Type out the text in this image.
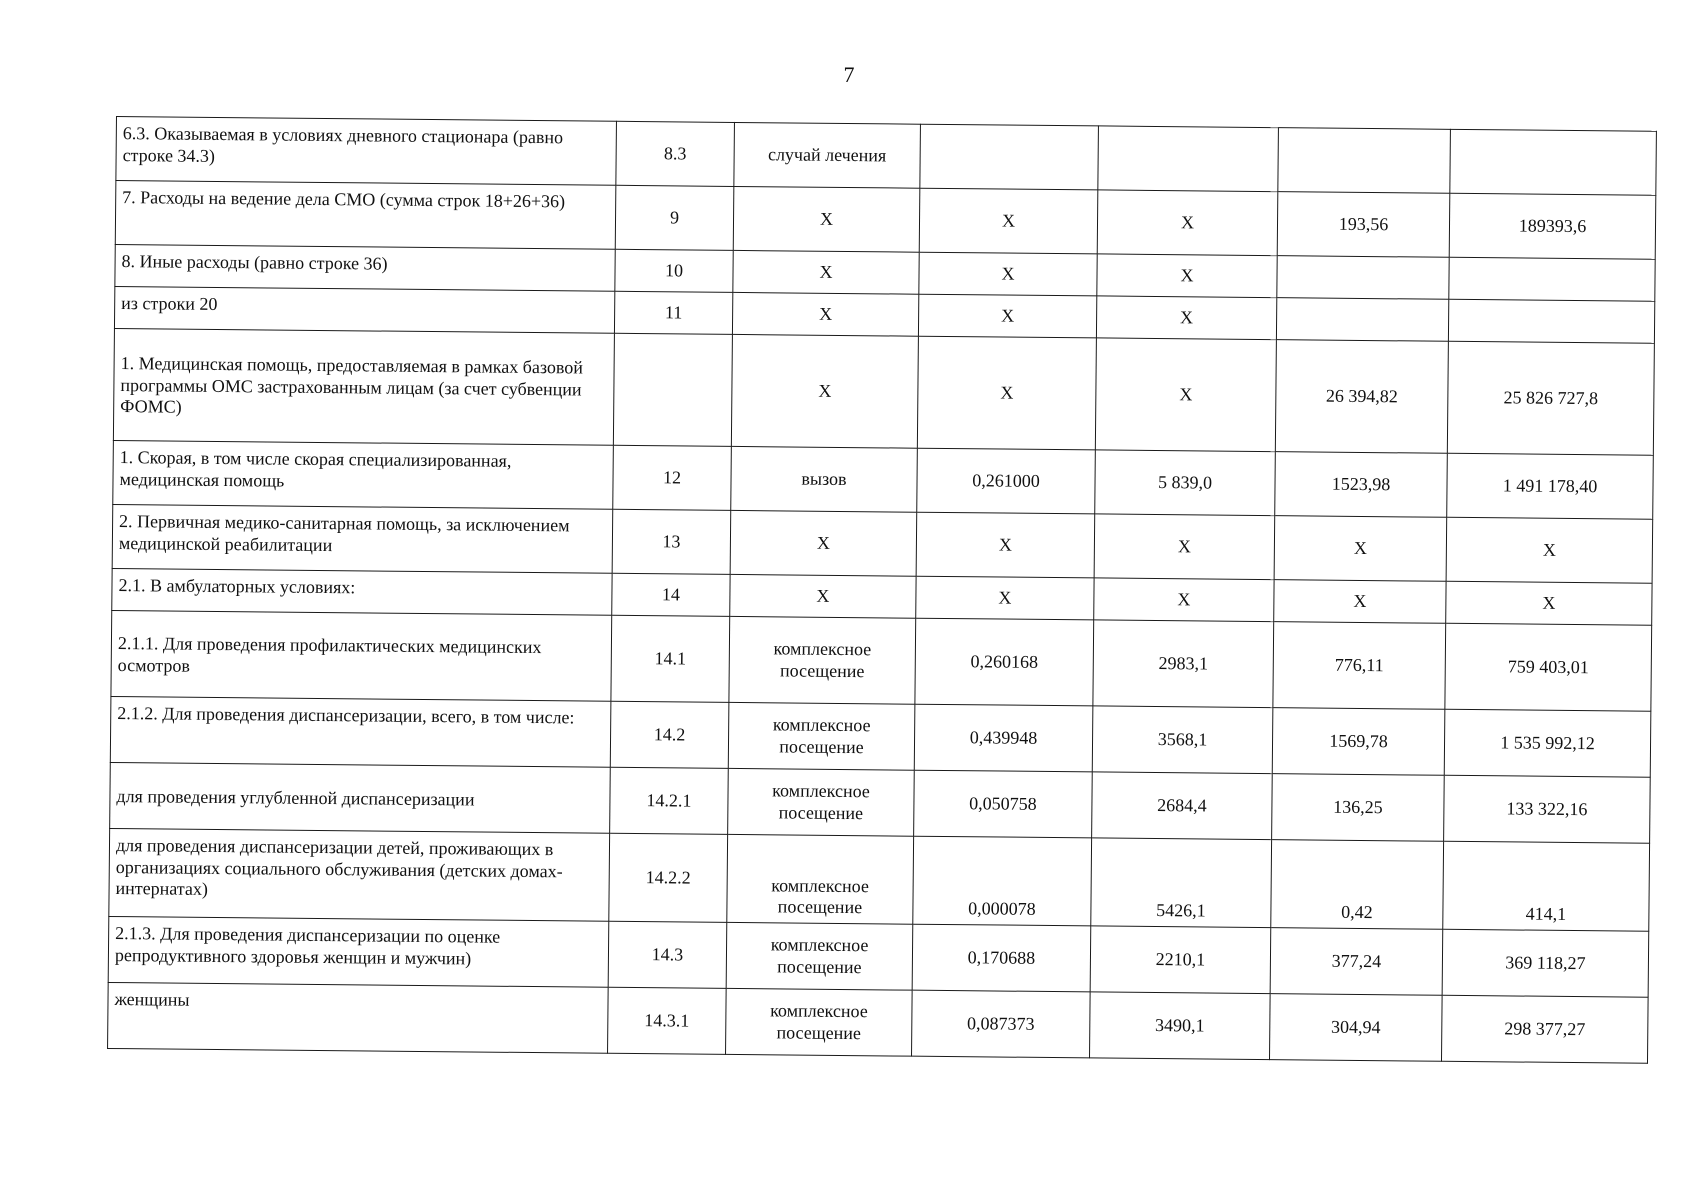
7
6.3. Оказываемая в условиях дневного стационара (равно строке 34.3)	8.3	случай лечения				
7. Расходы на ведение дела СМО (сумма строк 18+26+36)	9	Х	Х	Х	193,56	189393,6
8. Иные расходы (равно строке 36)	10	Х	Х	Х		
из строки 20	11	Х	Х	Х		
1. Медицинская помощь, предоставляемая в рамках базовой программы ОМС застрахованным лицам (за счет субвенции ФОМС)		Х	Х	Х	26 394,82	25 826 727,8
1. Скорая, в том числе скорая специализированная, медицинская помощь	12	вызов	0,261000	5 839,0	1523,98	1 491 178,40
2. Первичная медико-санитарная помощь, за исключением медицинской реабилитации	13	Х	Х	Х	Х	Х
2.1. В амбулаторных условиях:	14	Х	Х	Х	Х	Х
2.1.1. Для проведения профилактических медицинских осмотров	14.1	комплексное посещение	0,260168	2983,1	776,11	759 403,01
2.1.2. Для проведения диспансеризации, всего, в том числе:	14.2	комплексное посещение	0,439948	3568,1	1569,78	1 535 992,12
для проведения углубленной диспансеризации	14.2.1	комплексное посещение	0,050758	2684,4	136,25	133 322,16
для проведения диспансеризации детей, проживающих в организациях социального обслуживания (детских домах-интернатах)	14.2.2	комплексное посещение	0,000078	5426,1	0,42	414,1
2.1.3. Для проведения диспансеризации по оценке репродуктивного здоровья женщин и мужчин)	14.3	комплексное посещение	0,170688	2210,1	377,24	369 118,27
женщины	14.3.1	комплексное посещение	0,087373	3490,1	304,94	298 377,27
